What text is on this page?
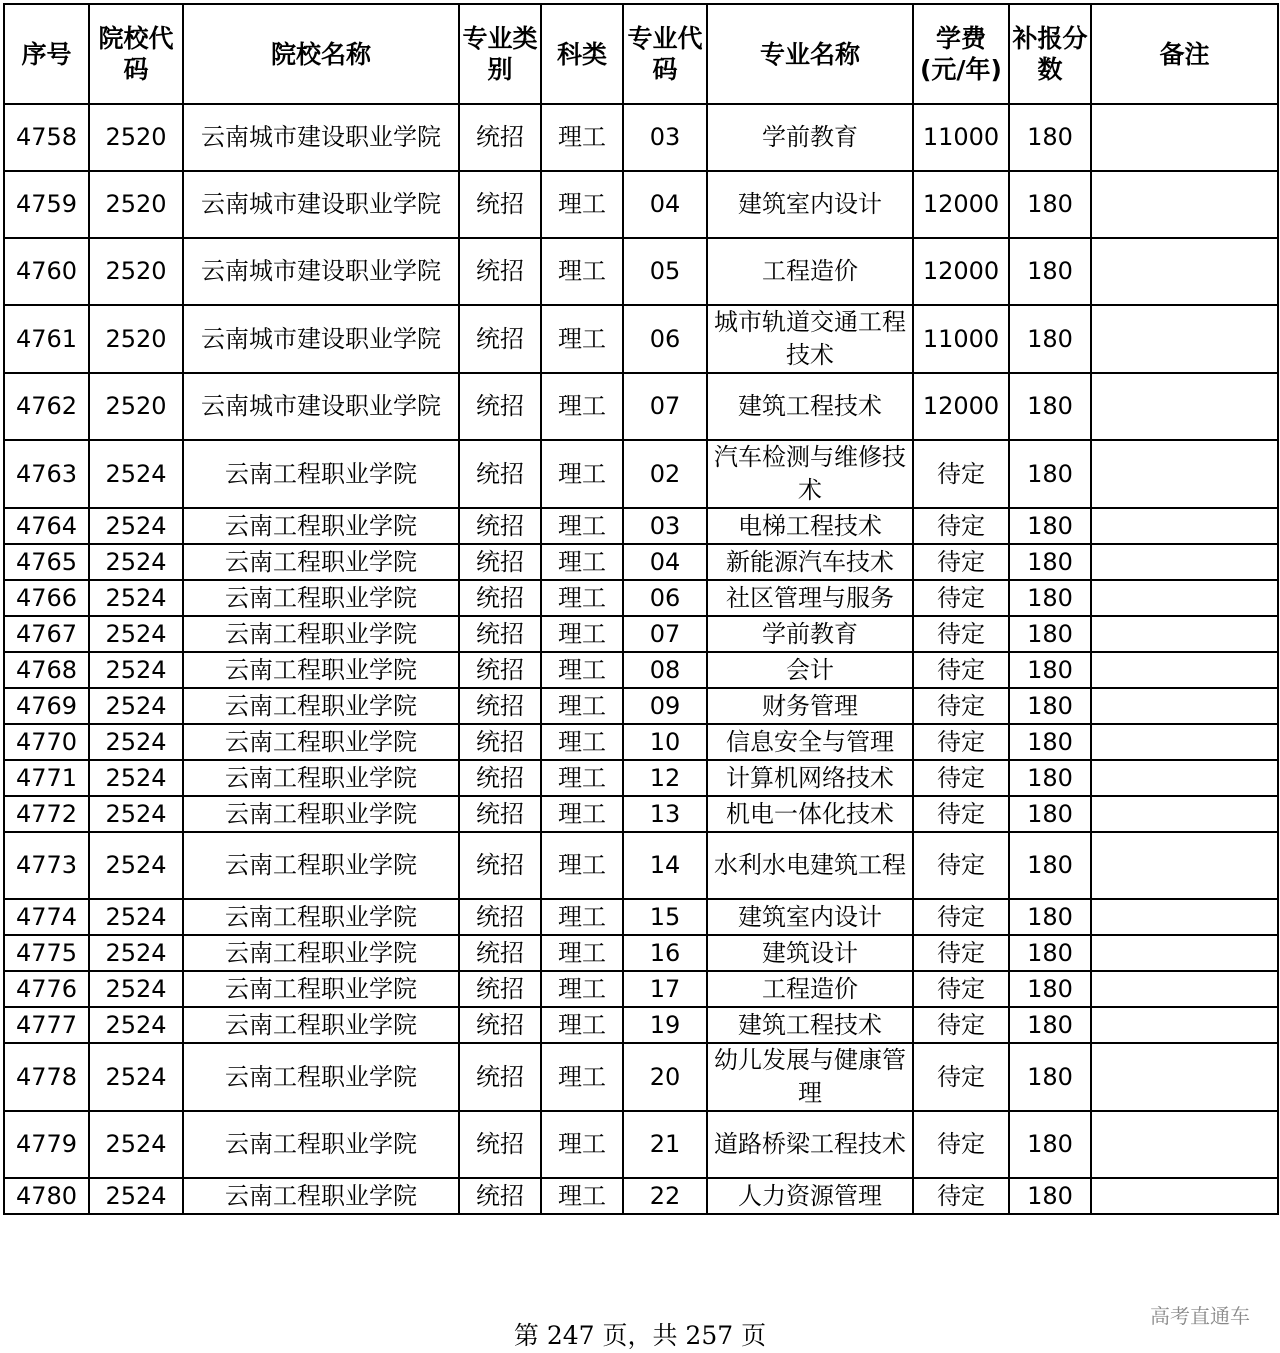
序号	院校代码	院校名称	专业类别	科类	专业代码	专业名称	学费(元/年)	补报分数	备注
4758	2520	云南城市建设职业学院	统招	理工	03	学前教育	11000	180	
4759	2520	云南城市建设职业学院	统招	理工	04	建筑室内设计	12000	180	
4760	2520	云南城市建设职业学院	统招	理工	05	工程造价	12000	180	
4761	2520	云南城市建设职业学院	统招	理工	06	城市轨道交通工程技术	11000	180	
4762	2520	云南城市建设职业学院	统招	理工	07	建筑工程技术	12000	180	
4763	2524	云南工程职业学院	统招	理工	02	汽车检测与维修技术	待定	180	
4764	2524	云南工程职业学院	统招	理工	03	电梯工程技术	待定	180	
4765	2524	云南工程职业学院	统招	理工	04	新能源汽车技术	待定	180	
4766	2524	云南工程职业学院	统招	理工	06	社区管理与服务	待定	180	
4767	2524	云南工程职业学院	统招	理工	07	学前教育	待定	180	
4768	2524	云南工程职业学院	统招	理工	08	会计	待定	180	
4769	2524	云南工程职业学院	统招	理工	09	财务管理	待定	180	
4770	2524	云南工程职业学院	统招	理工	10	信息安全与管理	待定	180	
4771	2524	云南工程职业学院	统招	理工	12	计算机网络技术	待定	180	
4772	2524	云南工程职业学院	统招	理工	13	机电一体化技术	待定	180	
4773	2524	云南工程职业学院	统招	理工	14	水利水电建筑工程	待定	180	
4774	2524	云南工程职业学院	统招	理工	15	建筑室内设计	待定	180	
4775	2524	云南工程职业学院	统招	理工	16	建筑设计	待定	180	
4776	2524	云南工程职业学院	统招	理工	17	工程造价	待定	180	
4777	2524	云南工程职业学院	统招	理工	19	建筑工程技术	待定	180	
4778	2524	云南工程职业学院	统招	理工	20	幼儿发展与健康管理	待定	180	
4779	2524	云南工程职业学院	统招	理工	21	道路桥梁工程技术	待定	180	
4780	2524	云南工程职业学院	统招	理工	22	人力资源管理	待定	180	
第 247 页，共 257 页
高考直通车
